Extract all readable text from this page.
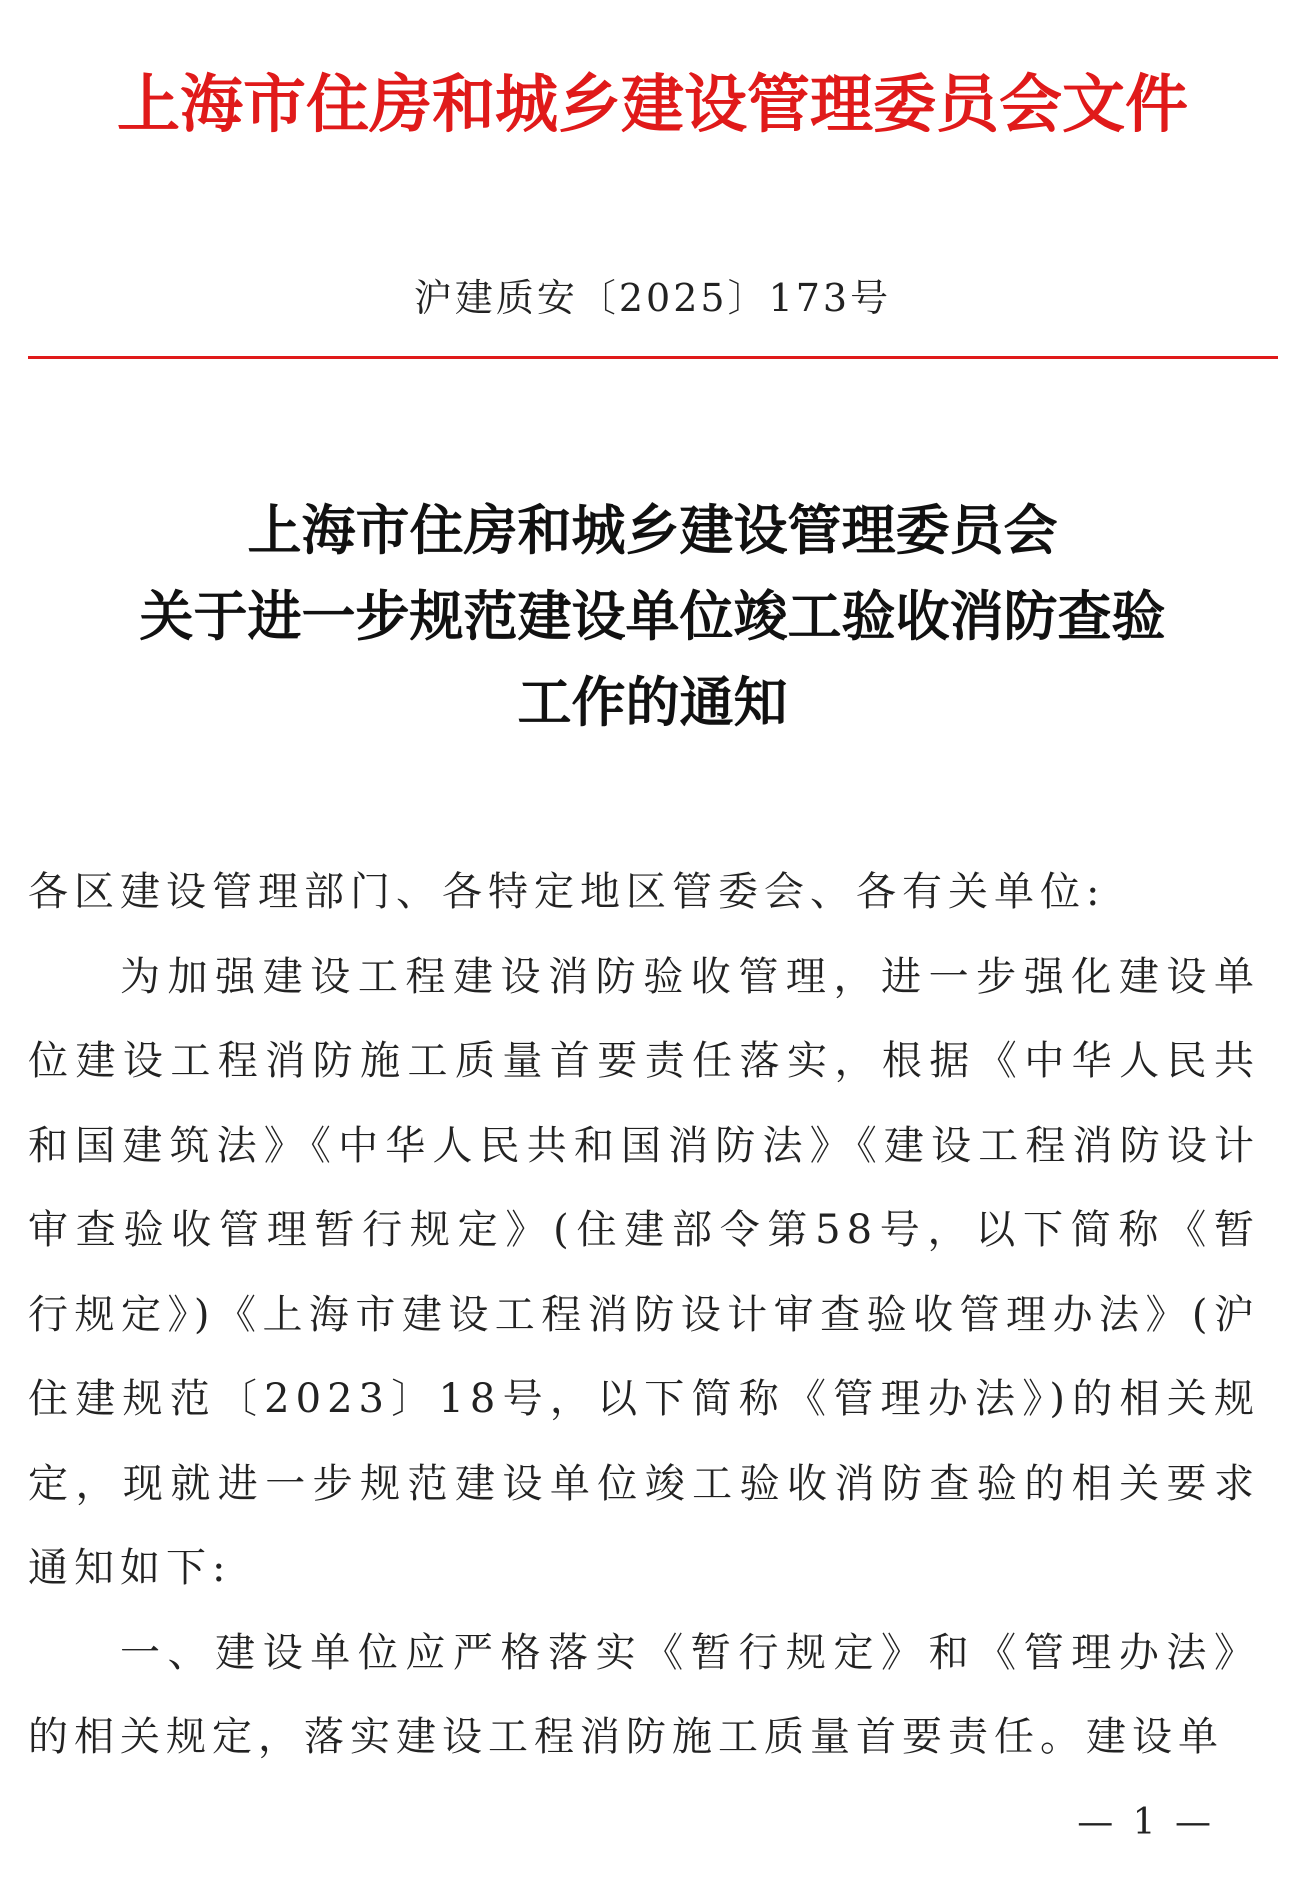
上海市住房和城乡建设管理委员会文件
沪建质安〔2025〕173号
上海市住房和城乡建设管理委员会
关于进一步规范建设单位竣工验收消防查验
工作的通知

各区建设管理部门、各特定地区管委会、各有关单位:

为加强建设工程建设消防验收管理，进一步强化建设单位建设工程消防施工质量首要责任落实，根据《中华人民共和国建筑法》《中华人民共和国消防法》《建设工程消防设计审查验收管理暂行规定》(住建部令第58号，以下简称《暂行规定》)《上海市建设工程消防设计审查验收管理办法》(沪住建规范〔2023〕18号，以下简称《管理办法》)的相关规定，现就进一步规范建设单位竣工验收消防查验的相关要求通知如下:

一、建设单位应严格落实《暂行规定》和《管理办法》的相关规定，落实建设工程消防施工质量首要责任。建设单

— 1 —
